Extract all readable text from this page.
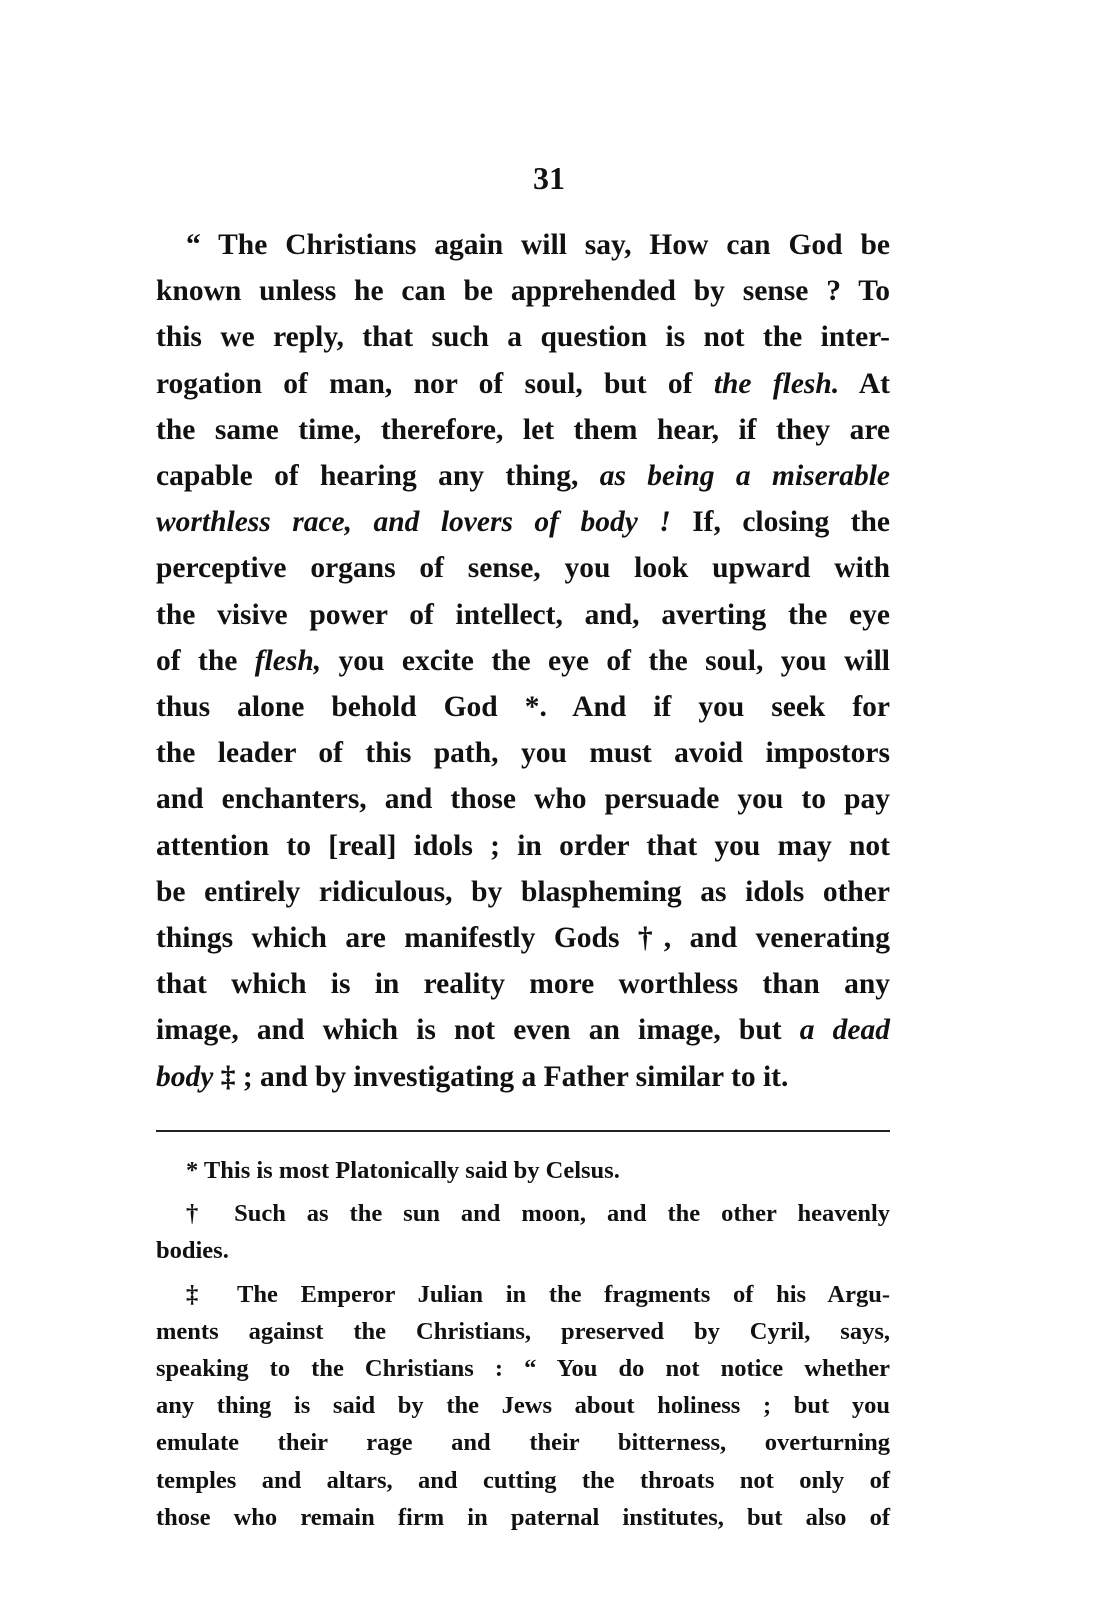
31
“ The Christians again will say, How can God be
known unless he can be apprehended by sense ? To
this we reply, that such a question is not the inter-
rogation of man, nor of soul, but of the flesh. At
the same time, therefore, let them hear, if they are
capable of hearing any thing, as being a miserable
worthless race, and lovers of body ! If, closing the
perceptive organs of sense, you look upward with
the visive power of intellect, and, averting the eye
of the flesh, you excite the eye of the soul, you will
thus alone behold God *. And if you seek for
the leader of this path, you must avoid impostors
and enchanters, and those who persuade you to pay
attention to [real] idols ; in order that you may not
be entirely ridiculous, by blaspheming as idols other
things which are manifestly Gods †, and venerating
that which is in reality more worthless than any
image, and which is not even an image, but a dead
body ‡ ; and by investigating a Father similar to it.
* This is most Platonically said by Celsus.
† Such as the sun and moon, and the other heavenly
bodies.
‡ The Emperor Julian in the fragments of his Argu-
ments against the Christians, preserved by Cyril, says,
speaking to the Christians : “ You do not notice whether
any thing is said by the Jews about holiness ; but you
emulate their rage and their bitterness, overturning
temples and altars, and cutting the throats not only of
those who remain firm in paternal institutes, but also of
